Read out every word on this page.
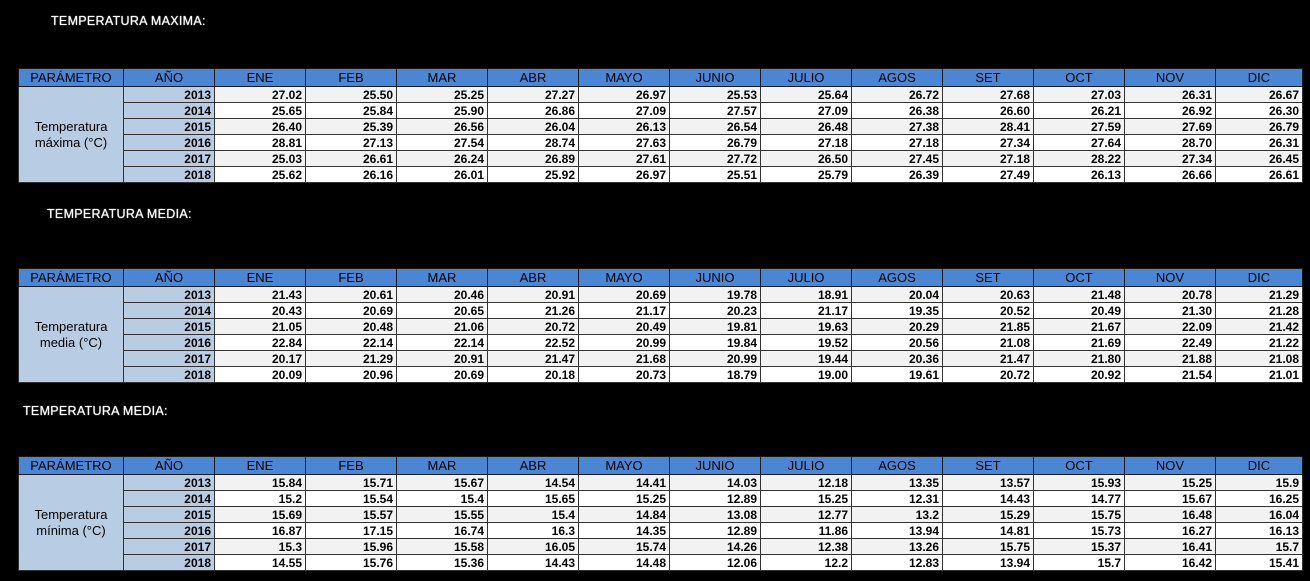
TEMPERATURA MAXIMA:
PARÁMETRO	AÑO	ENE	FEB	MAR	ABR	MAYO	JUNIO	JULIO	AGOS	SET	OCT	NOV	DIC
Temperatura máxima (°C)	2013	27.02	25.50	25.25	27.27	26.97	25.53	25.64	26.72	27.68	27.03	26.31	26.67
	2014	25.65	25.84	25.90	26.86	27.09	27.57	27.09	26.38	26.60	26.21	26.92	26.30
	2015	26.40	25.39	26.56	26.04	26.13	26.54	26.48	27.38	28.41	27.59	27.69	26.79
	2016	28.81	27.13	27.54	28.74	27.63	26.79	27.18	27.18	27.34	27.64	28.70	26.31
	2017	25.03	26.61	26.24	26.89	27.61	27.72	26.50	27.45	27.18	28.22	27.34	26.45
	2018	25.62	26.16	26.01	25.92	26.97	25.51	25.79	26.39	27.49	26.13	26.66	26.61
TEMPERATURA MEDIA:
PARÁMETRO	AÑO	ENE	FEB	MAR	ABR	MAYO	JUNIO	JULIO	AGOS	SET	OCT	NOV	DIC
Temperatura media (°C)	2013	21.43	20.61	20.46	20.91	20.69	19.78	18.91	20.04	20.63	21.48	20.78	21.29
	2014	20.43	20.69	20.65	21.26	21.17	20.23	21.17	19.35	20.52	20.49	21.30	21.28
	2015	21.05	20.48	21.06	20.72	20.49	19.81	19.63	20.29	21.85	21.67	22.09	21.42
	2016	22.84	22.14	22.14	22.52	20.99	19.84	19.52	20.56	21.08	21.69	22.49	21.22
	2017	20.17	21.29	20.91	21.47	21.68	20.99	19.44	20.36	21.47	21.80	21.88	21.08
	2018	20.09	20.96	20.69	20.18	20.73	18.79	19.00	19.61	20.72	20.92	21.54	21.01
TEMPERATURA MEDIA:
PARÁMETRO	AÑO	ENE	FEB	MAR	ABR	MAYO	JUNIO	JULIO	AGOS	SET	OCT	NOV	DIC
Temperatura mínima (°C)	2013	15.84	15.71	15.67	14.54	14.41	14.03	12.18	13.35	13.57	15.93	15.25	15.9
	2014	15.2	15.54	15.4	15.65	15.25	12.89	15.25	12.31	14.43	14.77	15.67	16.25
	2015	15.69	15.57	15.55	15.4	14.84	13.08	12.77	13.2	15.29	15.75	16.48	16.04
	2016	16.87	17.15	16.74	16.3	14.35	12.89	11.86	13.94	14.81	15.73	16.27	16.13
	2017	15.3	15.96	15.58	16.05	15.74	14.26	12.38	13.26	15.75	15.37	16.41	15.7
	2018	14.55	15.76	15.36	14.43	14.48	12.06	12.2	12.83	13.94	15.7	16.42	15.41
